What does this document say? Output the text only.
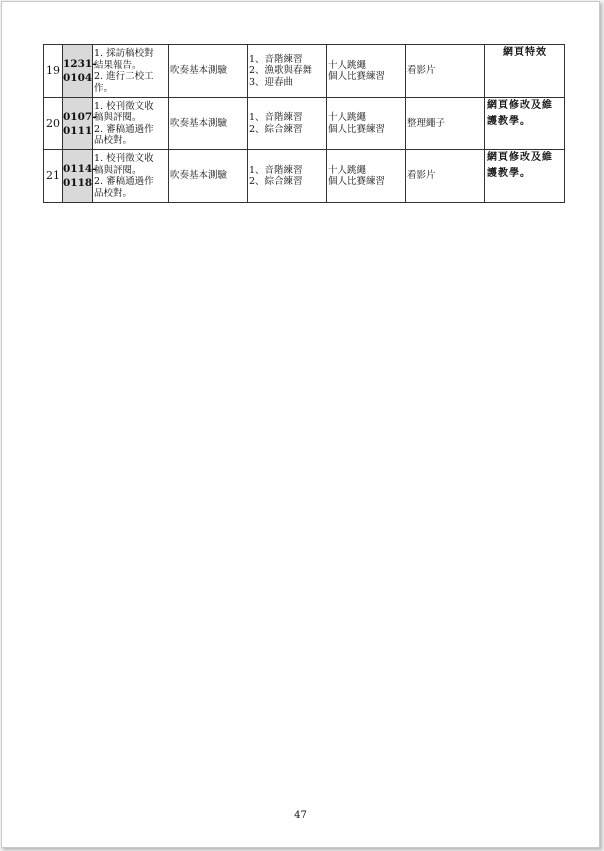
19	1231-
0104	1. 採訪稿校對
結果報告。
2. 進行二校工
作。	吹奏基本測驗	1、音階練習
2、漁歌與春舞
3、迎春曲	十人跳繩
個人比賽練習	看影片	網頁特效

20	0107-
0111	1. 校刊徵文收
稿與評閱。
2. 審稿通過作
品校對。	吹奏基本測驗	1、音階練習
2、綜合練習	十人跳繩
個人比賽練習	整理繩子	網頁修改及維
護教學。

21	0114-
0118	1. 校刊徵文收
稿與評閱。
2. 審稿通過作
品校對。	吹奏基本測驗	1、音階練習
2、綜合練習	十人跳繩
個人比賽練習	看影片	網頁修改及維
護教學。
47
